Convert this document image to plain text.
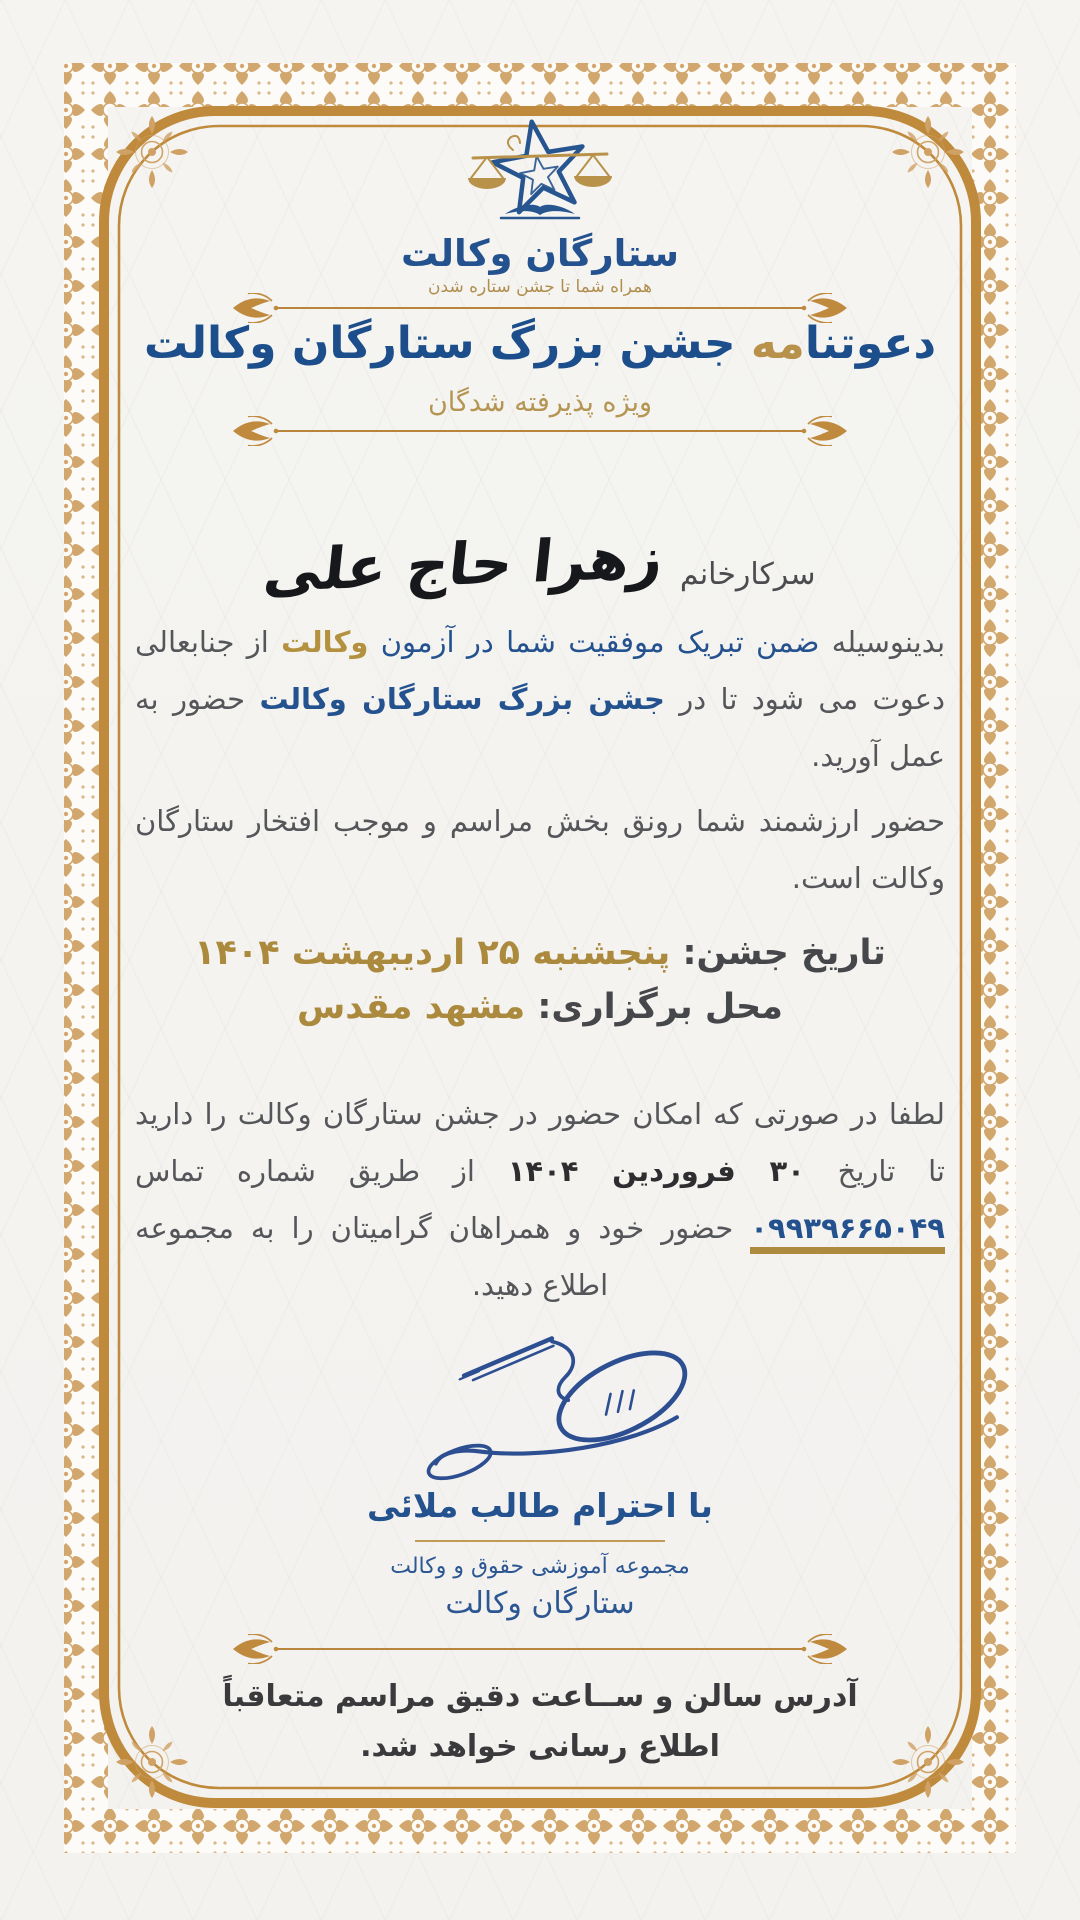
ستارگان وکالت
همراه شما تا جشن ستاره شدن
دعوتنامه جشن بزرگ ستارگان وکالت
ویژه پذیرفته شدگان
سرکارخانم
زهرا حاج علی

بدینوسیله ضمن تبریک موفقیت شما در آزمون وکالت از جنابعالی دعوت می شود تا در جشن بزرگ ستارگان وکالت حضور به عمل آورید.

حضور ارزشمند شما رونق بخش مراسم و موجب افتخار ستارگان وکالت است.

تاریخ جشن: پنجشنبه ۲۵ اردیبهشت ۱۴۰۴
محل برگزاری: مشهد مقدس
لطفا در صورتی که امکان حضور در جشن ستارگان وکالت را دارید تا تاریخ ۳۰ فروردین ۱۴۰۴ از طریق شماره تماس ۰۹۹۳۹۶۶۵۰۴۹ حضور خود و همراهان گرامیتان را به مجموعه اطلاع دهید.
با احترام طالب ملائی
مجموعه آموزشی حقوق و وکالت
ستارگان وکالت
آدرس سالن و ســاعت دقیق مراسم متعاقباً
اطلاع رسانی خواهد شد.
